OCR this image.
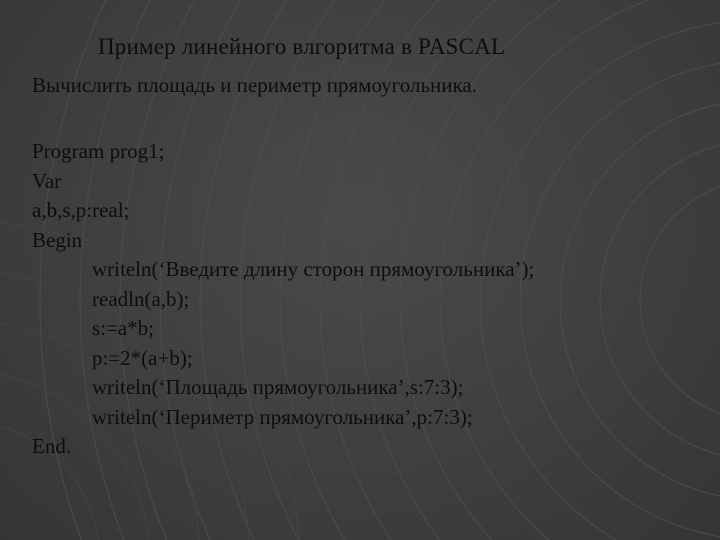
Пример линейного влгоритма в PASCAL
Вычислить площадь и периметр прямоугольника.
Program prog1;
Var
a,b,s,p:real;
Begin
writeln(‘Введите длину сторон прямоугольника’);
readln(a,b);
s:=a*b;
p:=2*(a+b);
writeln(‘Площадь прямоугольника’,s:7:3);
writeln(‘Периметр прямоугольника’,p:7:3);
End.
